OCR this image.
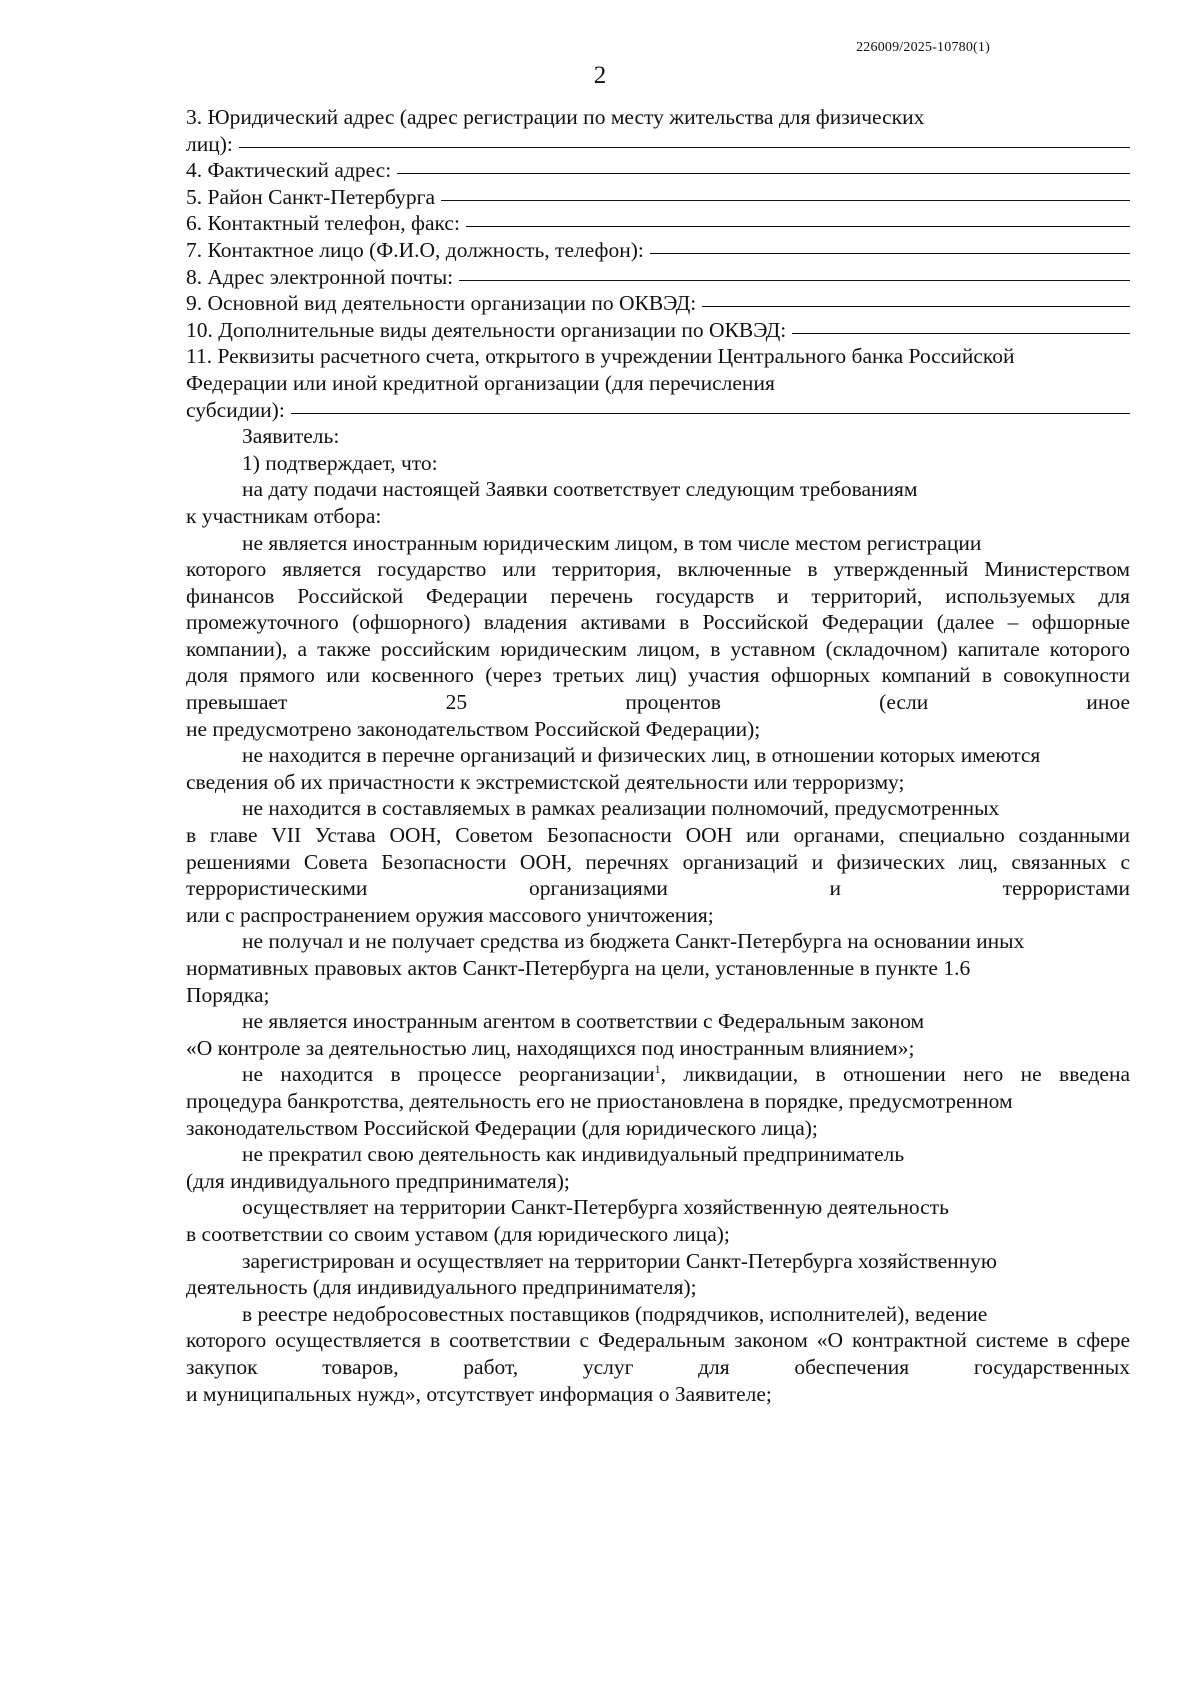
226009/2025-10780(1)
2
3. Юридический адрес (адрес регистрации по месту жительства для физических
лиц):
4. Фактический адрес:
5. Район Санкт-Петербурга
6. Контактный телефон, факс:
7. Контактное лицо (Ф.И.О, должность, телефон):
8. Адрес электронной почты:
9. Основной вид деятельности организации по ОКВЭД:
10. Дополнительные виды деятельности организации по ОКВЭД:
11. Реквизиты расчетного счета, открытого в учреждении Центрального банка Российской
Федерации или иной кредитной организации (для перечисления
субсидии):
Заявитель:
1) подтверждает, что:
на дату подачи настоящей Заявки соответствует следующим требованиям
к участникам отбора:
не является иностранным юридическим лицом, в том числе местом регистрации
которого является государство или территория, включенные в утвержденный Министерством финансов Российской Федерации перечень государств и территорий, используемых для промежуточного (офшорного) владения активами в Российской Федерации (далее – офшорные компании), а также российским юридическим лицом, в уставном (складочном) капитале которого доля прямого или косвенного (через третьих лиц) участия офшорных компаний в совокупности превышает 25 процентов (если иное
не предусмотрено законодательством Российской Федерации);
не находится в перечне организаций и физических лиц, в отношении которых имеются
сведения об их причастности к экстремистской деятельности или терроризму;
не находится в составляемых в рамках реализации полномочий, предусмотренных
в главе VII Устава ООН, Советом Безопасности ООН или органами, специально созданными решениями Совета Безопасности ООН, перечнях организаций и физических лиц, связанных с террористическими организациями и террористами
или с распространением оружия массового уничтожения;
не получал и не получает средства из бюджета Санкт-Петербурга на основании иных
нормативных правовых актов Санкт-Петербурга на цели, установленные в пункте 1.6
Порядка;
не является иностранным агентом в соответствии с Федеральным законом
«О контроле за деятельностью лиц, находящихся под иностранным влиянием»;
не находится в процессе реорганизации$^1$, ликвидации, в отношении него не введена
процедура банкротства, деятельность его не приостановлена в порядке, предусмотренном
законодательством Российской Федерации (для юридического лица);
не прекратил свою деятельность как индивидуальный предприниматель
(для индивидуального предпринимателя);
осуществляет на территории Санкт-Петербурга хозяйственную деятельность
в соответствии со своим уставом (для юридического лица);
зарегистрирован и осуществляет на территории Санкт-Петербурга хозяйственную
деятельность (для индивидуального предпринимателя);
в реестре недобросовестных поставщиков (подрядчиков, исполнителей), ведение
которого осуществляется в соответствии с Федеральным законом «О контрактной системе в сфере закупок товаров, работ, услуг для обеспечения государственных
и муниципальных нужд», отсутствует информация о Заявителе;
